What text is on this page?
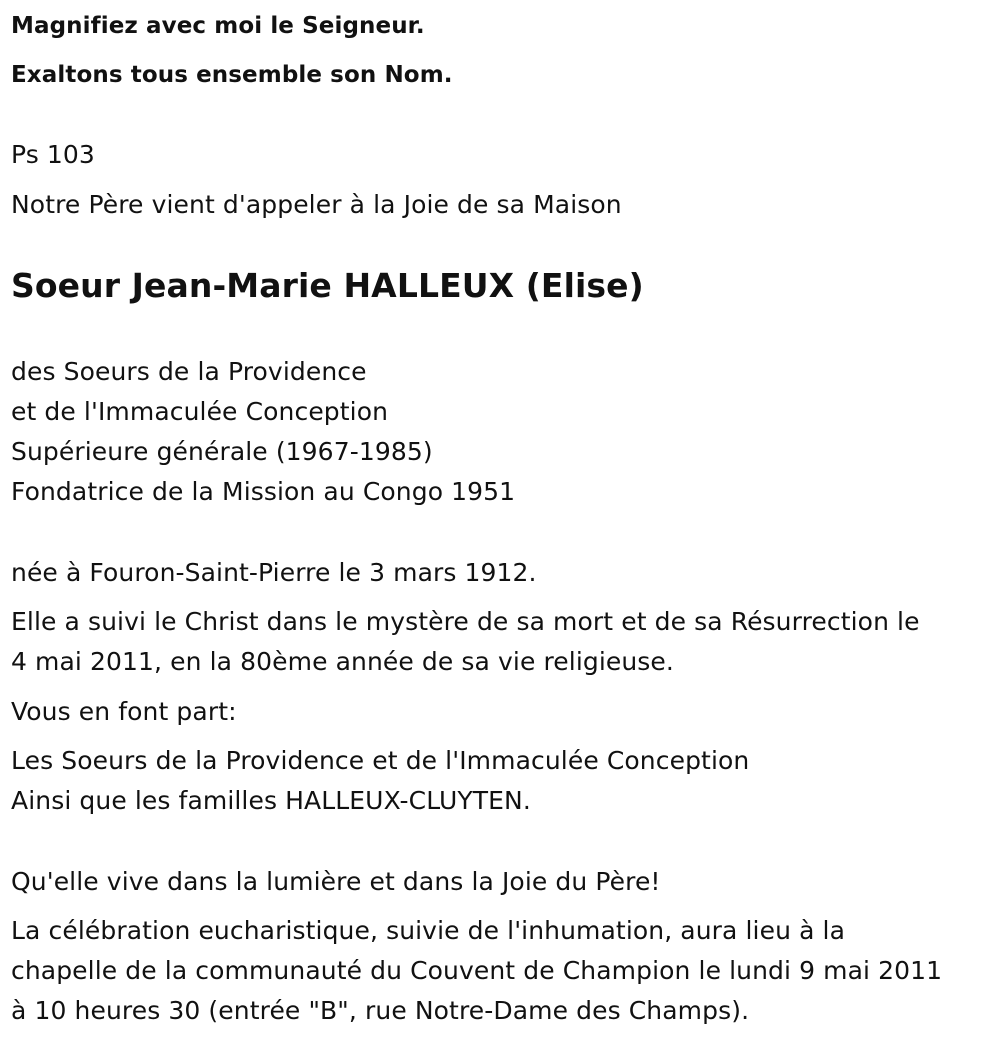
Magnifiez avec moi le Seigneur.
Exaltons tous ensemble son Nom.
Ps 103
Notre Père vient d'appeler à la Joie de sa Maison
Soeur Jean-Marie HALLEUX (Elise)
des Soeurs de la Providence
et de l'Immaculée Conception
Supérieure générale (1967-1985)
Fondatrice de la Mission au Congo 1951
née à Fouron-Saint-Pierre le 3 mars 1912.
Elle a suivi le Christ dans le mystère de sa mort et de sa Résurrection le
4 mai 2011, en la 80ème année de sa vie religieuse.
Vous en font part:
Les Soeurs de la Providence et de l'Immaculée Conception
Ainsi que les familles HALLEUX-CLUYTEN.
Qu'elle vive dans la lumière et dans la Joie du Père!
La célébration eucharistique, suivie de l'inhumation, aura lieu à la
chapelle de la communauté du Couvent de Champion le lundi 9 mai 2011
à 10 heures 30 (entrée "B", rue Notre-Dame des Champs).
